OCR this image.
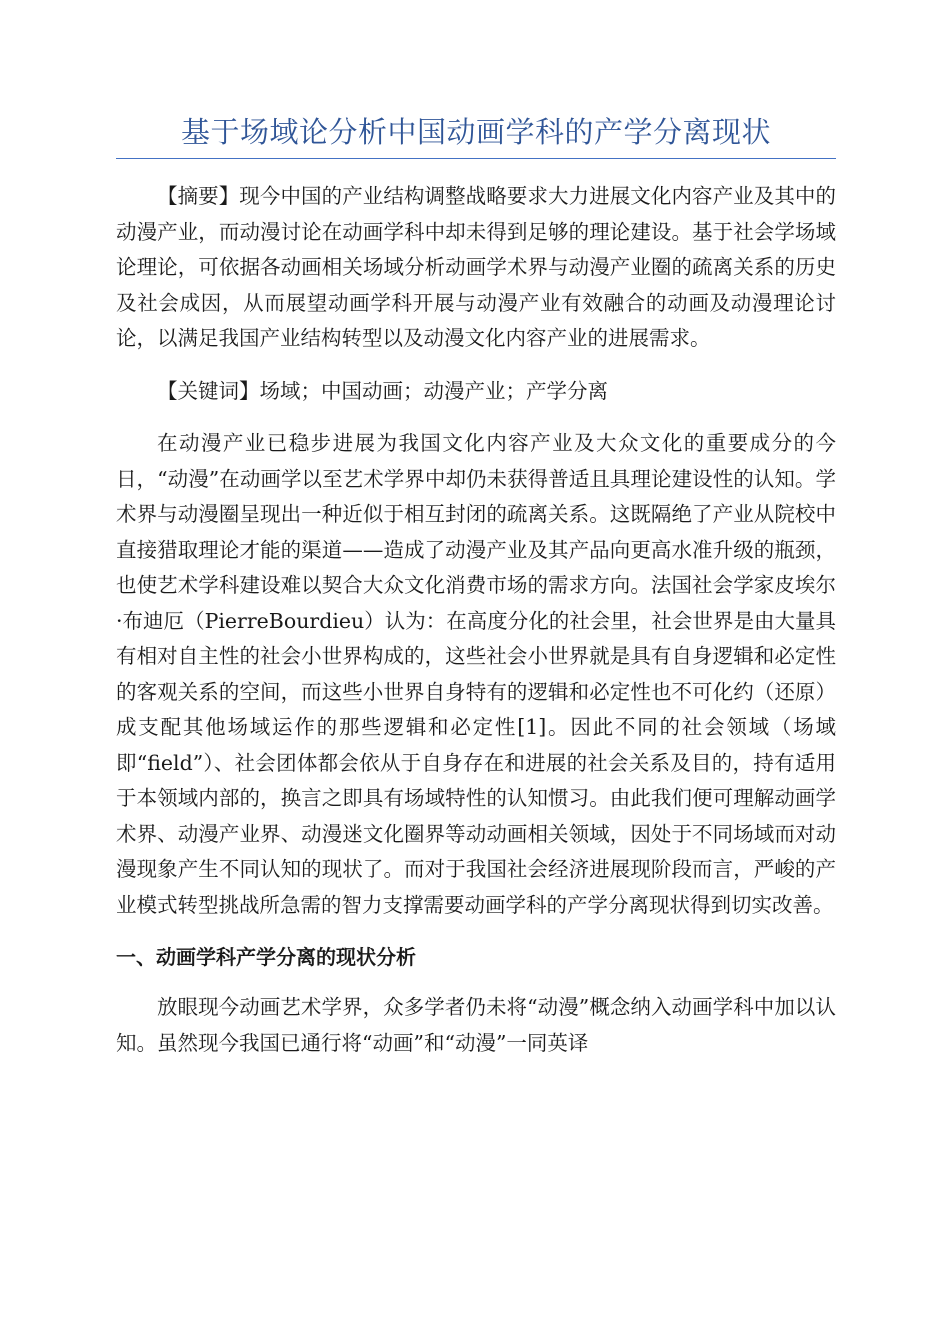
基于场域论分析中国动画学科的产学分离现状

【摘要】现今中国的产业结构调整战略要求大力进展文化内容产业及其中的动漫产业，而动漫讨论在动画学科中却未得到足够的理论建设。基于社会学场域论理论，可依据各动画相关场域分析动画学术界与动漫产业圈的疏离关系的历史及社会成因，从而展望动画学科开展与动漫产业有效融合的动画及动漫理论讨论，以满足我国产业结构转型以及动漫文化内容产业的进展需求。

【关键词】场域；中国动画；动漫产业；产学分离

在动漫产业已稳步进展为我国文化内容产业及大众文化的重要成分的今日，“动漫”在动画学以至艺术学界中却仍未获得普适且具理论建设性的认知。学术界与动漫圈呈现出一种近似于相互封闭的疏离关系。这既隔绝了产业从院校中直接猎取理论才能的渠道——造成了动漫产业及其产品向更高水准升级的瓶颈，也使艺术学科建设难以契合大众文化消费市场的需求方向。法国社会学家皮埃尔·布迪厄（PierreBourdieu）认为：在高度分化的社会里，社会世界是由大量具有相对自主性的社会小世界构成的，这些社会小世界就是具有自身逻辑和必定性的客观关系的空间，而这些小世界自身特有的逻辑和必定性也不可化约（还原）成支配其他场域运作的那些逻辑和必定性[1]。因此不同的社会领域（场域即“field”）、社会团体都会依从于自身存在和进展的社会关系及目的，持有适用于本领域内部的，换言之即具有场域特性的认知惯习。由此我们便可理解动画学术界、动漫产业界、动漫迷文化圈界等动动画相关领域，因处于不同场域而对动漫现象产生不同认知的现状了。而对于我国社会经济进展现阶段而言，严峻的产业模式转型挑战所急需的智力支撑需要动画学科的产学分离现状得到切实改善。

一、动画学科产学分离的现状分析

放眼现今动画艺术学界，众多学者仍未将“动漫”概念纳入动画学科中加以认知。虽然现今我国已通行将“动画”和“动漫”一同英译
